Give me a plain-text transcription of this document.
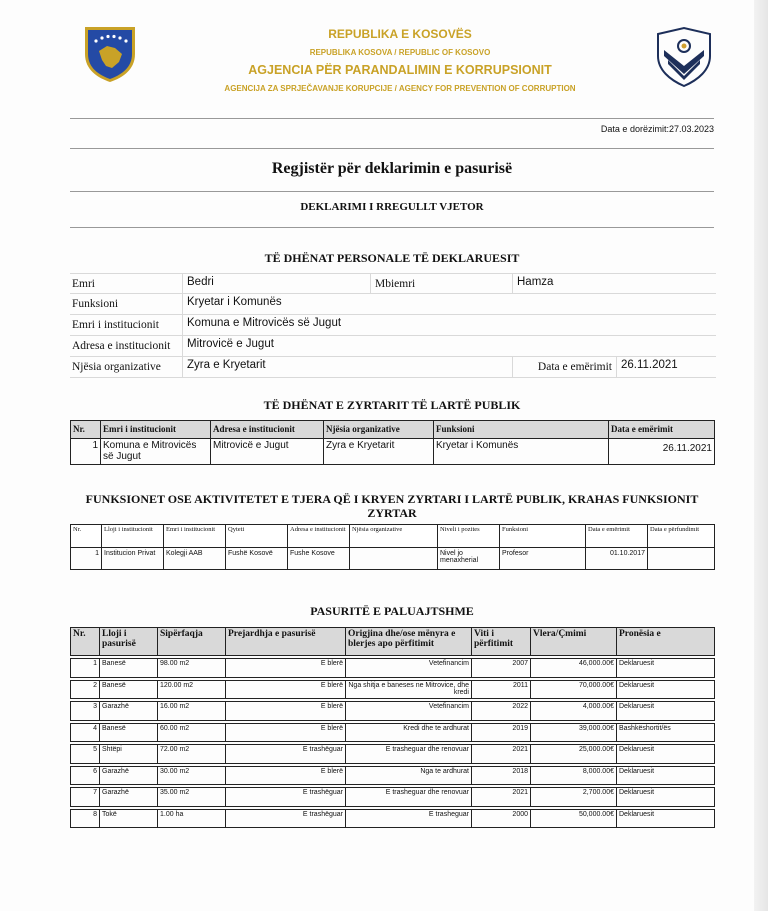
REPUBLIKA E KOSOVËS
REPUBLIKA KOSOVA / REPUBLIC OF KOSOVO
AGJENCIA PËR PARANDALIMIN E KORRUPSIONIT
AGENCIJA ZA SPRJEČAVANJE KORUPCIJE / AGENCY FOR PREVENTION OF CORRUPTION
Data e dorëzimit:27.03.2023
Regjistër për deklarimin e pasurisë
DEKLARIMI I RREGULLT VJETOR
TË DHËNAT PERSONALE TË DEKLARUESIT
Emri	Bedri	Mbiemri	Hamza
Funksioni	Kryetar i Komunës
Emri i institucionit	Komuna e Mitrovicës së Jugut
Adresa e institucionit	Mitrovicë e Jugut
Njësia organizative	Zyra e Kryetarit	Data e emërimit 26.11.2021
TË DHËNAT E ZYRTARIT TË LARTË PUBLIK
Nr.	Emri i institucionit	Adresa e institucionit	Njësia organizative	Funksioni	Data e emërimit
1	Komuna e Mitrovicës së Jugut	Mitrovicë e Jugut	Zyra e Kryetarit	Kryetar i Komunës	26.11.2021
FUNKSIONET OSE AKTIVITETET E TJERA QË I KRYEN ZYRTARI I LARTË PUBLIK, KRAHAS FUNKSIONIT ZYRTAR
Nr.	Lloji i institucionit	Emri i institucionit	Qyteti	Adresa e institucionit	Njësia organizative	Niveli i pozites	Funksioni	Data e emërimit	Data e përfundimit
1	Institucion Privat	Kolegji AAB	Fushë Kosovë	Fushe Kosove		Nivel jo menaxherial	Profesor	01.10.2017	
PASURITË E PALUAJTSHME
Nr.	Lloji i pasurisë	Sipërfaqja	Prejardhja e pasurisë	Origjina dhe/ose mënyra e blerjes apo përfitimit	Viti i përfitimit	Vlera/Çmimi	Pronësia e

1	Banesë	98.00 m2	E blerë	Vetefinancim	2007	46,000.00€	Deklaruesit

2	Banesë	120.00 m2	E blerë	Nga shitja e baneses ne Mitrovice, dhe kredi	2011	70,000.00€	Deklaruesit

3	Garazhë	16.00 m2	E blerë	Vetefinancim	2022	4,000.00€	Deklaruesit

4	Banesë	60.00 m2	E blerë	Kredi dhe te ardhurat	2019	39,000.00€	Bashkëshortit/ës

5	Shtëpi	72.00 m2	E trashëguar	E trasheguar dhe renovuar	2021	25,000.00€	Deklaruesit

6	Garazhë	30.00 m2	E blerë	Nga te ardhurat	2018	8,000.00€	Deklaruesit

7	Garazhë	35.00 m2	E trashëguar	E trasheguar dhe renovuar	2021	2,700.00€	Deklaruesit

8	Tokë	1.00 ha	E trashëguar	E trasheguar	2000	50,000.00€	Deklaruesit
